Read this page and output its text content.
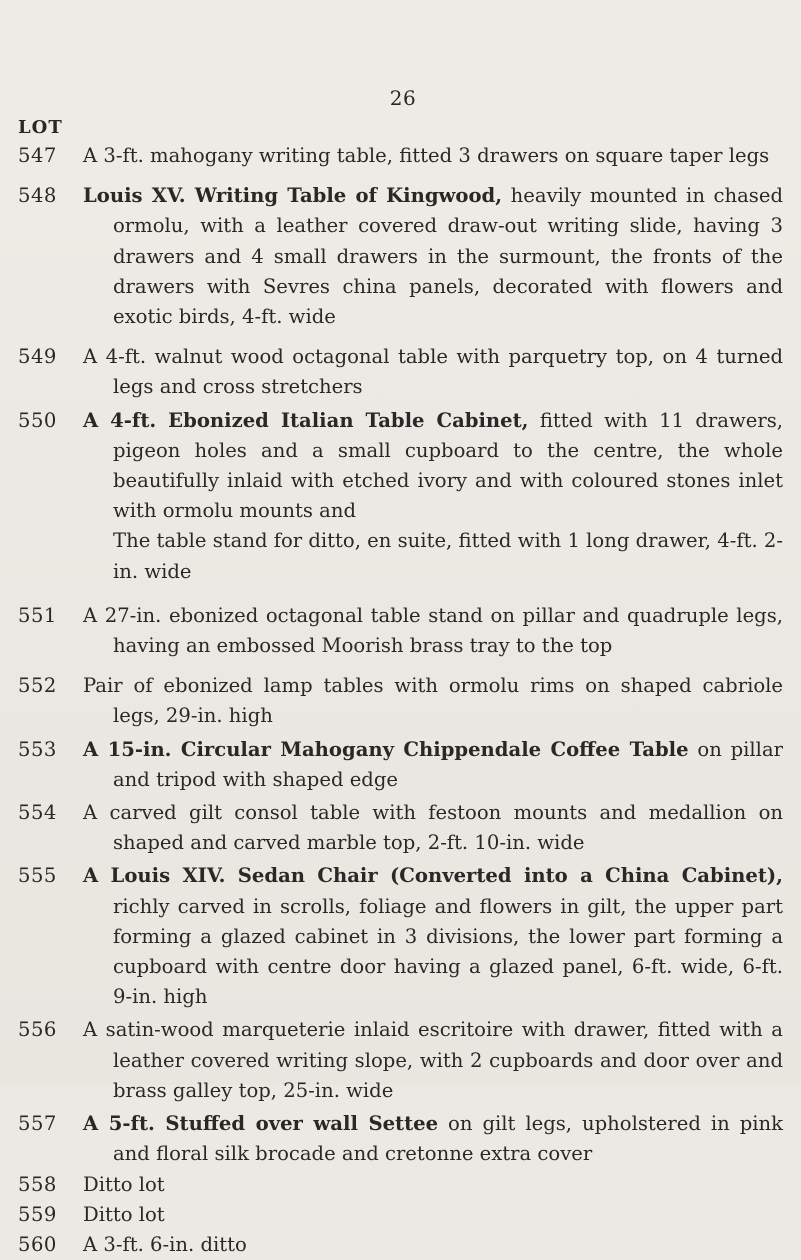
26
LOT
547	A 3-ft. mahogany writing table, fitted 3 drawers on square taper legs
548	Louis XV. Writing Table of Kingwood, heavily mounted in chased ormolu, with a leather covered draw-out writing slide, having 3 drawers and 4 small drawers in the surmount, the fronts of the drawers with Sevres china panels, decorated with flowers and exotic birds, 4-ft. wide
549	A 4-ft. walnut wood octagonal table with parquetry top, on 4 turned legs and cross stretchers
550	A 4-ft. Ebonized Italian Table Cabinet, fitted with 11 drawers, pigeon holes and a small cupboard to the centre, the whole beautifully inlaid with etched ivory and with coloured stones inlet with ormolu mounts and
The table stand for ditto, en suite, fitted with 1 long drawer, 4-ft. 2-in. wide
551	A 27-in. ebonized octagonal table stand on pillar and quadruple legs, having an embossed Moorish brass tray to the top
552	Pair of ebonized lamp tables with ormolu rims on shaped cabriole legs, 29-in. high
553	A 15-in. Circular Mahogany Chippendale Coffee Table on pillar and tripod with shaped edge
554	A carved gilt consol table with festoon mounts and medallion on shaped and carved marble top, 2-ft. 10-in. wide
555	A Louis XIV. Sedan Chair (Converted into a China Cabinet), richly carved in scrolls, foliage and flowers in gilt, the upper part forming a glazed cabinet in 3 divisions, the lower part forming a cupboard with centre door having a glazed panel, 6-ft. wide, 6-ft. 9-in. high
556	A satin-wood marqueterie inlaid escritoire with drawer, fitted with a leather covered writing slope, with 2 cupboards and door over and brass galley top, 25-in. wide
557	A 5-ft. Stuffed over wall Settee on gilt legs, upholstered in pink and floral silk brocade and cretonne extra cover
558	Ditto lot
559	Ditto lot
560	A 3-ft. 6-in. ditto
